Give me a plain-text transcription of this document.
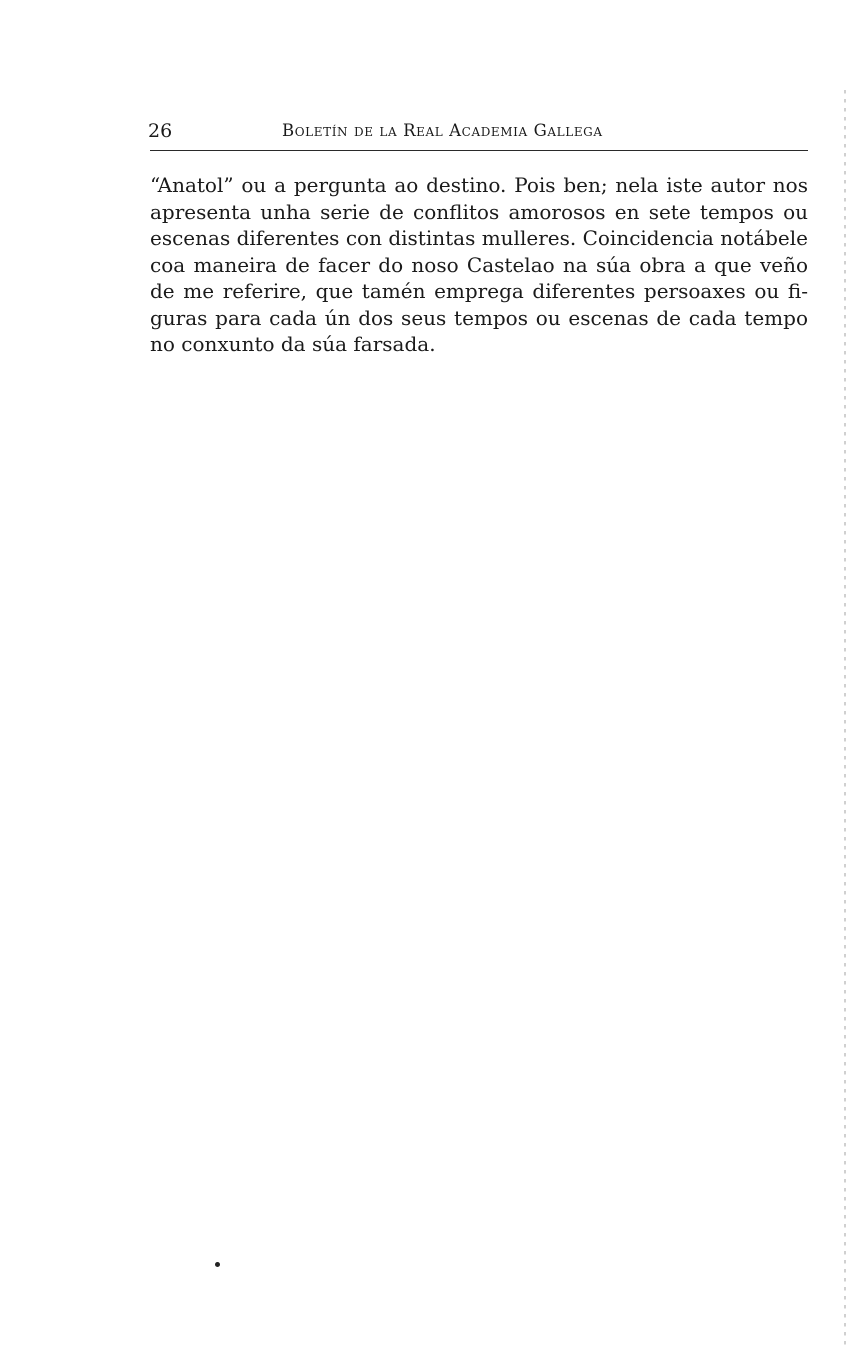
26	Boletín de la Real Academia Gallega
“Anatol” ou a pergunta ao destino. Pois ben; nela iste autor nos
apresenta unha serie de conflitos amorosos en sete tempos ou
escenas diferentes con distintas mulleres. Coincidencia notábele
coa maneira de facer do noso Castelao na súa obra a que veño
de me referire, que tamén emprega diferentes persoaxes ou fi-
guras para cada ún dos seus tempos ou escenas de cada tempo
no conxunto da súa farsada.
